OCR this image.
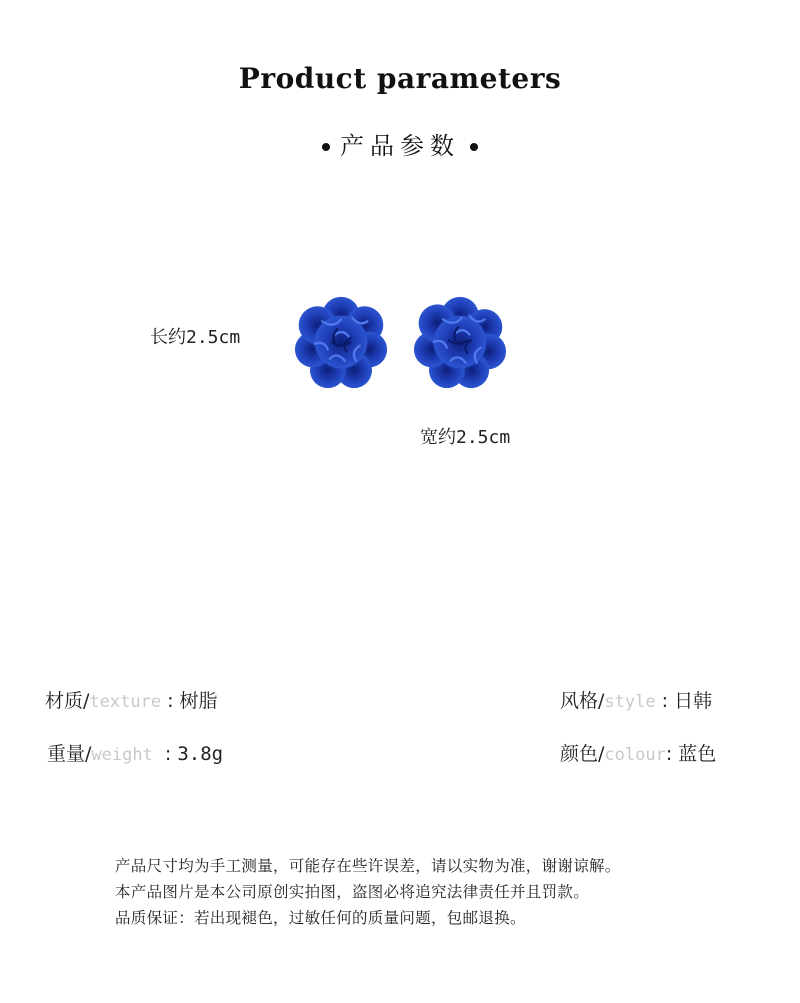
Product parameters
产品参数
长约2.5cm
宽约2.5cm
材质/texture : 树脂	风格/style : 日韩
重量/weight  : 3.8g	颜色/colour: 蓝色
产品尺寸均为手工测量，可能存在些许误差，请以实物为准，谢谢谅解。
本产品图片是本公司原创实拍图，盗图必将追究法律责任并且罚款。
品质保证：若出现褪色，过敏任何的质量问题，包邮退换。
